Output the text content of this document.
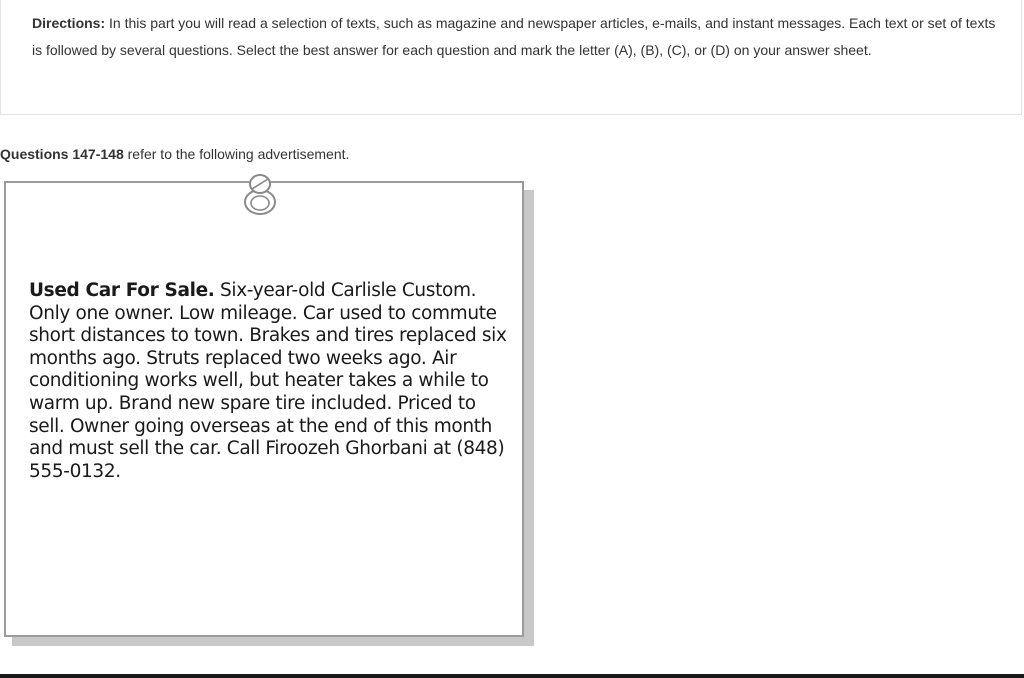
Directions: In this part you will read a selection of texts, such as magazine and newspaper articles, e-mails, and instant messages. Each text or set of texts is followed by several questions. Select the best answer for each question and mark the letter (A), (B), (C), or (D) on your answer sheet.
Questions 147-148 refer to the following advertisement.
Used Car For Sale. Six-year-old Carlisle Custom. Only one owner. Low mileage. Car used to commute short distances to town. Brakes and tires replaced six months ago. Struts replaced two weeks ago. Air conditioning works well, but heater takes a while to warm up. Brand new spare tire included. Priced to sell. Owner going overseas at the end of this month and must sell the car. Call Firoozeh Ghorbani at (848) 555-0132.
